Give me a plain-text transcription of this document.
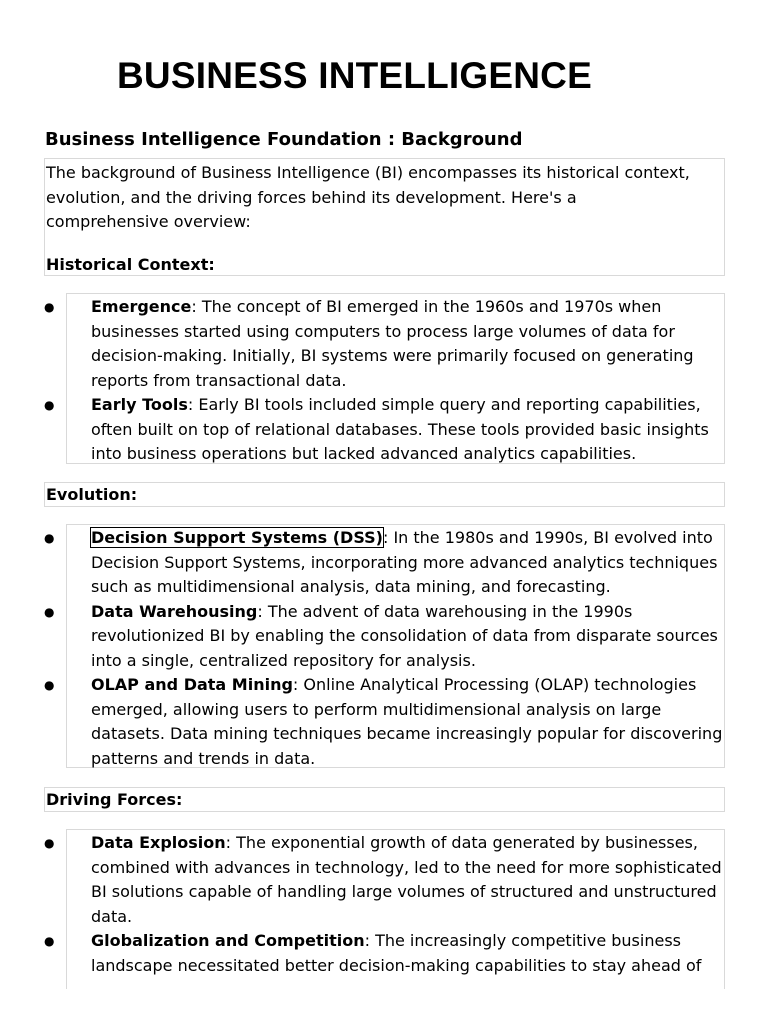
BUSINESS INTELLIGENCE
Business Intelligence Foundation : Background

The background of Business Intelligence (BI) encompasses its historical context, evolution, and the driving forces behind its development. Here's a comprehensive overview:

Historical Context:

● Emergence: The concept of BI emerged in the 1960s and 1970s when businesses started using computers to process large volumes of data for decision-making. Initially, BI systems were primarily focused on generating reports from transactional data.
● Early Tools: Early BI tools included simple query and reporting capabilities, often built on top of relational databases. These tools provided basic insights into business operations but lacked advanced analytics capabilities.

Evolution:

● Decision Support Systems (DSS): In the 1980s and 1990s, BI evolved into Decision Support Systems, incorporating more advanced analytics techniques such as multidimensional analysis, data mining, and forecasting.
● Data Warehousing: The advent of data warehousing in the 1990s revolutionized BI by enabling the consolidation of data from disparate sources into a single, centralized repository for analysis.
● OLAP and Data Mining: Online Analytical Processing (OLAP) technologies emerged, allowing users to perform multidimensional analysis on large datasets. Data mining techniques became increasingly popular for discovering patterns and trends in data.

Driving Forces:

● Data Explosion: The exponential growth of data generated by businesses, combined with advances in technology, led to the need for more sophisticated BI solutions capable of handling large volumes of structured and unstructured data.
● Globalization and Competition: The increasingly competitive business landscape necessitated better decision-making capabilities to stay ahead of
